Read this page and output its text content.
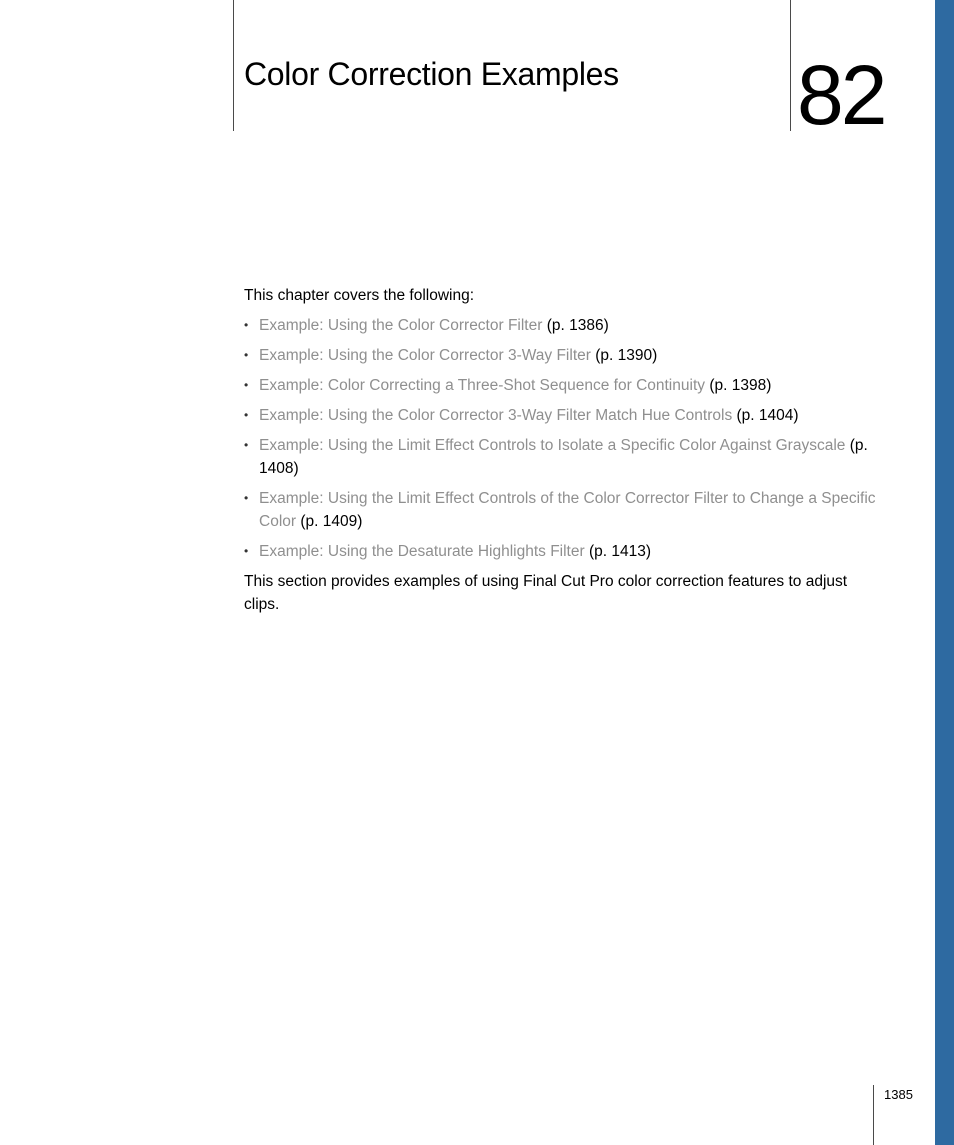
Color Correction Examples 82

This chapter covers the following:

• Example: Using the Color Corrector Filter (p. 1386)
• Example: Using the Color Corrector 3-Way Filter (p. 1390)
• Example: Color Correcting a Three-Shot Sequence for Continuity (p. 1398)
• Example: Using the Color Corrector 3-Way Filter Match Hue Controls (p. 1404)
• Example: Using the Limit Effect Controls to Isolate a Specific Color Against Grayscale (p. 1408)
• Example: Using the Limit Effect Controls of the Color Corrector Filter to Change a Specific Color (p. 1409)
• Example: Using the Desaturate Highlights Filter (p. 1413)

This section provides examples of using Final Cut Pro color correction features to adjust clips.

1385
